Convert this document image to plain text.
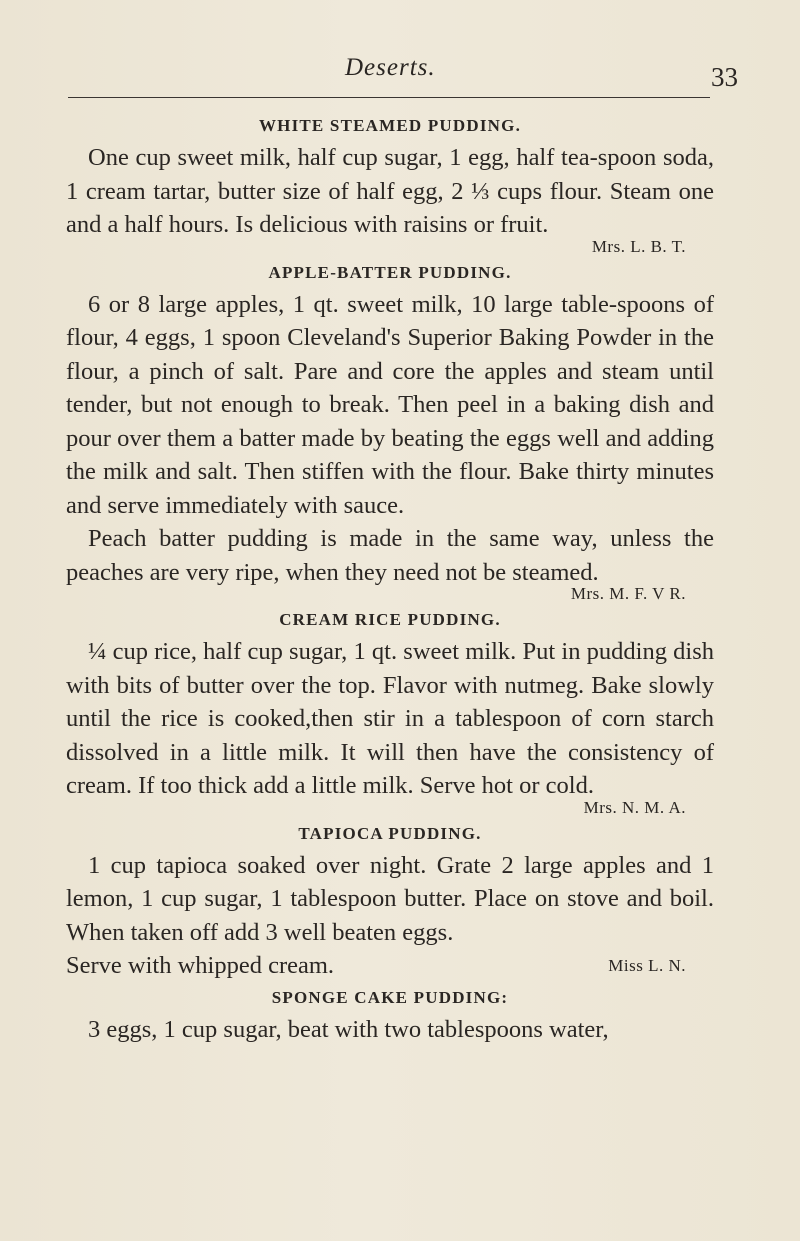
Deserts.	33
WHITE STEAMED PUDDING.

One cup sweet milk, half cup sugar, 1 egg, half tea-spoon soda, 1 cream tartar, butter size of half egg, 2 ⅓ cups flour. Steam one and a half hours. Is delicious with raisins or fruit.

Mrs. L. B. T.

APPLE-BATTER PUDDING.

6 or 8 large apples, 1 qt. sweet milk, 10 large table-spoons of flour, 4 eggs, 1 spoon Cleveland's Superior Baking Powder in the flour, a pinch of salt. Pare and core the apples and steam until tender, but not enough to break. Then peel in a baking dish and pour over them a batter made by beating the eggs well and adding the milk and salt. Then stiffen with the flour. Bake thirty minutes and serve immediately with sauce.

Peach batter pudding is made in the same way, unless the peaches are very ripe, when they need not be steamed.

Mrs. M. F. V R.

CREAM RICE PUDDING.

¼ cup rice, half cup sugar, 1 qt. sweet milk. Put in pudding dish with bits of butter over the top. Flavor with nutmeg. Bake slowly until the rice is cooked,then stir in a tablespoon of corn starch dissolved in a little milk. It will then have the consistency of cream. If too thick add a little milk. Serve hot or cold.

Mrs. N. M. A.

TAPIOCA PUDDING.

1 cup tapioca soaked over night. Grate 2 large apples and 1 lemon, 1 cup sugar, 1 tablespoon butter. Place on stove and boil. When taken off add 3 well beaten eggs.

Serve with whipped cream.	Miss L. N.
SPONGE CAKE PUDDING:

3 eggs, 1 cup sugar, beat with two tablespoons water,
